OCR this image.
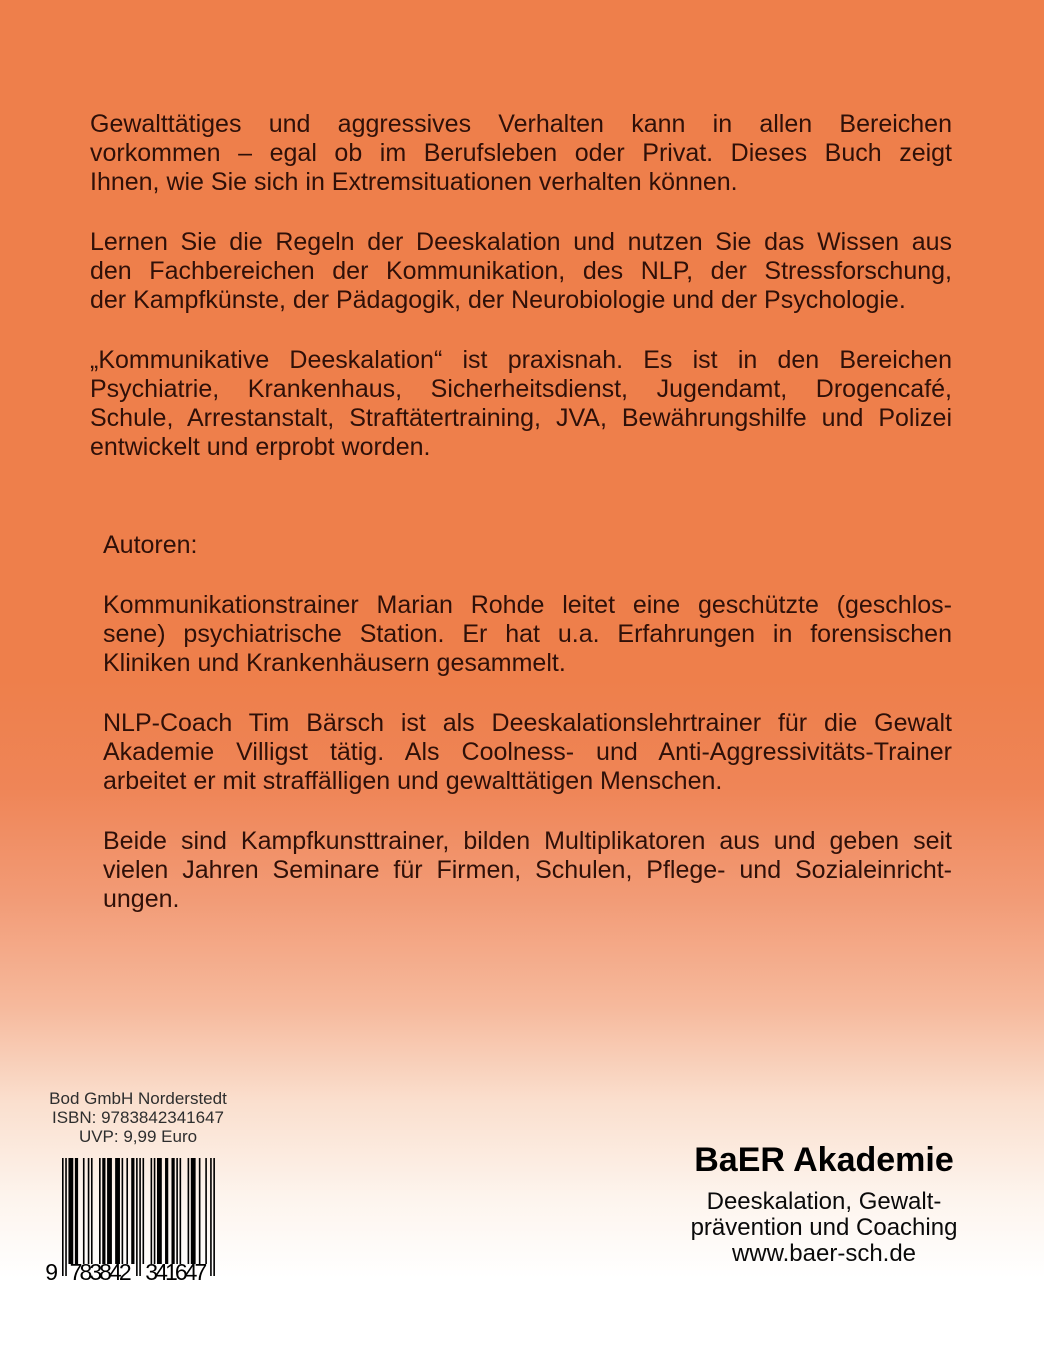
Gewalttätiges und aggressives Verhalten kann in allen Bereichen
vorkommen – egal ob im Berufsleben oder Privat. Dieses Buch zeigt
Ihnen, wie Sie sich in Extremsituationen verhalten können.
Lernen Sie die Regeln der Deeskalation und nutzen Sie das Wissen aus
den Fachbereichen der Kommunikation, des NLP, der Stressforschung,
der Kampfkünste, der Pädagogik, der Neurobiologie und der Psychologie.
„Kommunikative Deeskalation“ ist praxisnah. Es ist in den Bereichen
Psychiatrie, Krankenhaus, Sicherheitsdienst, Jugendamt, Drogencafé,
Schule, Arrestanstalt, Straftätertraining, JVA, Bewährungshilfe und Polizei
entwickelt und erprobt worden.
Autoren:
Kommunikationstrainer Marian Rohde leitet eine geschützte (geschlos-
sene) psychiatrische Station. Er hat u.a. Erfahrungen in forensischen
Kliniken und Krankenhäusern gesammelt.
NLP-Coach Tim Bärsch ist als Deeskalationslehrtrainer für die Gewalt
Akademie Villigst tätig. Als Coolness- und Anti-Aggressivitäts-Trainer
arbeitet er mit straffälligen und gewalttätigen Menschen.
Beide sind Kampfkunsttrainer, bilden Multiplikatoren aus und geben seit
vielen Jahren Seminare für Firmen, Schulen, Pflege- und Sozialeinricht-
ungen.
Bod GmbH Norderstedt
ISBN: 9783842341647
UVP: 9,99 Euro
9 783842 341647
BaER Akademie
Deeskalation, Gewalt-
prävention und Coaching
www.baer-sch.de
